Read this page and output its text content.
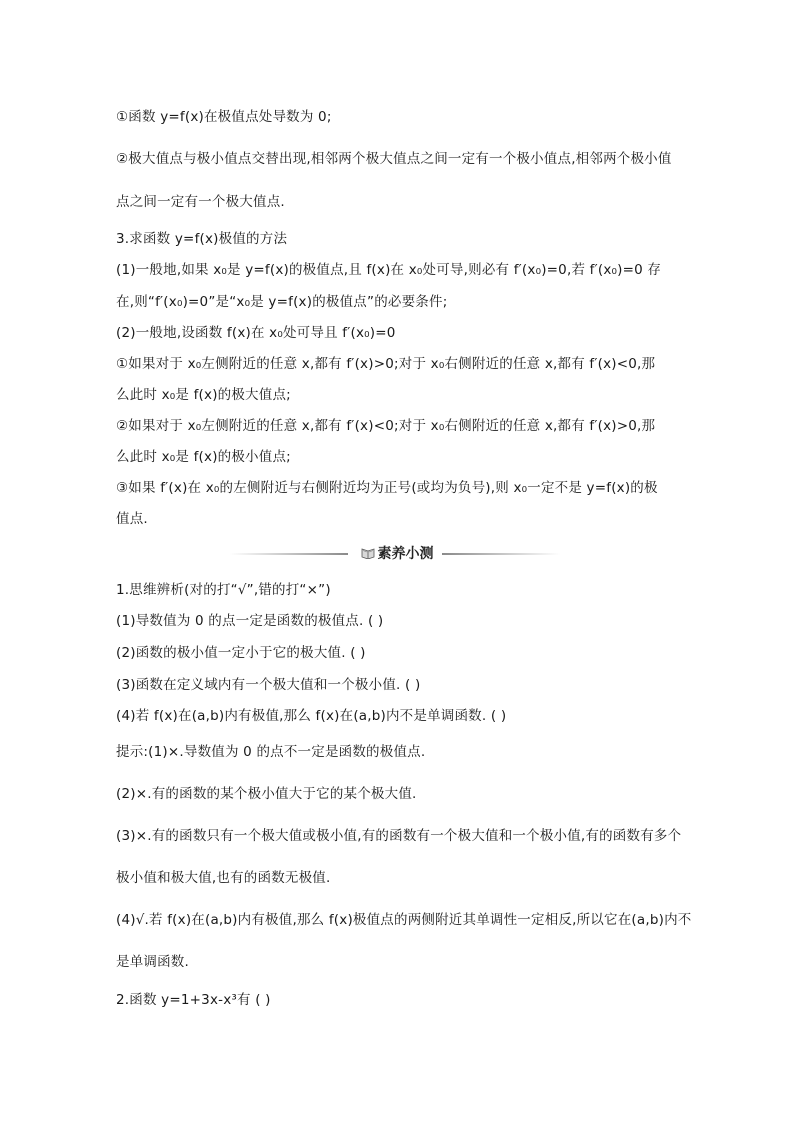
①函数 y=f(x)在极值点处导数为 0;
②极大值点与极小值点交替出现,相邻两个极大值点之间一定有一个极小值点,相邻两个极小值
点之间一定有一个极大值点.
3.求函数 y=f(x)极值的方法
(1)一般地,如果 x₀是 y=f(x)的极值点,且 f(x)在 x₀处可导,则必有 f′(x₀)=0,若 f′(x₀)=0 存
在,则“f′(x₀)=0”是“x₀是 y=f(x)的极值点”的必要条件;
(2)一般地,设函数 f(x)在 x₀处可导且 f′(x₀)=0
①如果对于 x₀左侧附近的任意 x,都有 f′(x)>0;对于 x₀右侧附近的任意 x,都有 f′(x)<0,那
么此时 x₀是 f(x)的极大值点;
②如果对于 x₀左侧附近的任意 x,都有 f′(x)<0;对于 x₀右侧附近的任意 x,都有 f′(x)>0,那
么此时 x₀是 f(x)的极小值点;
③如果 f′(x)在 x₀的左侧附近与右侧附近均为正号(或均为负号),则 x₀一定不是 y=f(x)的极
值点.
素养小测
1.思维辨析(对的打“√”,错的打“×”)
(1)导数值为 0 的点一定是函数的极值点. ( )
(2)函数的极小值一定小于它的极大值. ( )
(3)函数在定义域内有一个极大值和一个极小值. ( )
(4)若 f(x)在(a,b)内有极值,那么 f(x)在(a,b)内不是单调函数. ( )
提示:(1)×.导数值为 0 的点不一定是函数的极值点.
(2)×.有的函数的某个极小值大于它的某个极大值.
(3)×.有的函数只有一个极大值或极小值,有的函数有一个极大值和一个极小值,有的函数有多个
极小值和极大值,也有的函数无极值.
(4)√.若 f(x)在(a,b)内有极值,那么 f(x)极值点的两侧附近其单调性一定相反,所以它在(a,b)内不
是单调函数.
2.函数 y=1+3x-x³有 ( )
